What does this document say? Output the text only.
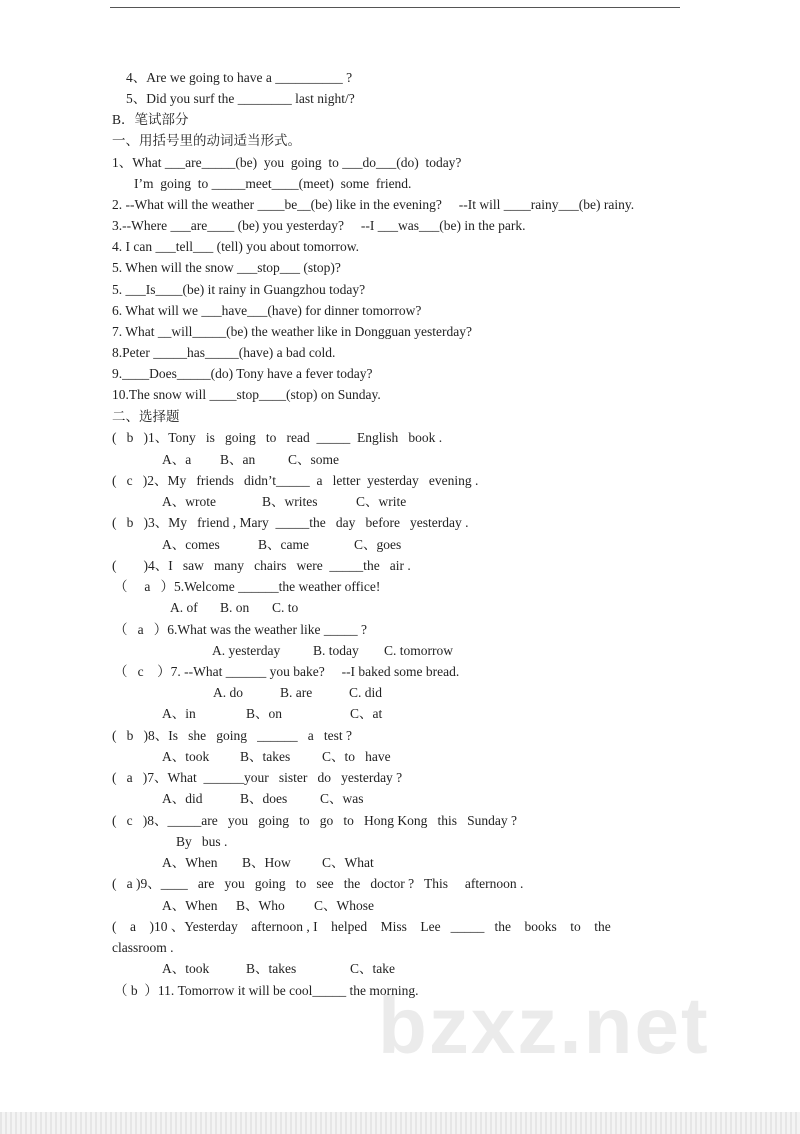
4、Are we going to have a __________ ?
5、Did you surf the ________ last night/?
B．笔试部分
一、用括号里的动词适当形式。
1、What ___are_____(be)  you  going  to ___do___(do)  today?
I’m  going  to _____meet____(meet)  some  friend.
2. --What will the weather ____be__(be) like in the evening?     --It will ____rainy___(be) rainy.
3.--Where ___are____ (be) you yesterday?     --I ___was___(be) in the park.
4. I can ___tell___ (tell) you about tomorrow.
5. When will the snow ___stop___ (stop)?
5. ___Is____(be) it rainy in Guangzhou today?
6. What will we ___have___(have) for dinner tomorrow?
7. What __will_____(be) the weather like in Dongguan yesterday?
8.Peter _____has_____(have) a bad cold.
9.____Does_____(do) Tony have a fever today?
10.The snow will ____stop____(stop) on Sunday.
二、选择题
(   b   )1、Tony   is   going   to   read  _____  English   book .
(   c   )2、My   friends   didn’t_____  a   letter  yesterday   evening .
(   b   )3、My   friend , Mary  _____the   day   before   yesterday .
(        )4、I   saw   many   chairs   were  _____the   air .
（     a   ）5.Welcome ______the weather office!
（   a   ）6.What was the weather like _____ ?
（   c    ）7. --What ______ you bake?     --I baked some bread.
(   b   )8、Is   she   going   ______   a   test ?
(   a   )7、What  ______your   sister   do   yesterday ?
(   c   )8、_____are   you   going   to   go   to   Hong Kong   this   Sunday ?
By   bus .
(   a )9、____   are   you   going   to   see   the   doctor ?   This     afternoon .
(    a    )10 、Yesterday    afternoon , I    helped    Miss    Lee   _____   the    books    to    the
classroom .
（ b  ）11. Tomorrow it will be cool_____ the morning.
A、a B、an C、some
A、wrote	B、writes	C、write
A、comes	B、came	C、goes
A. of B. on C. to
A. yesterday B. today C. tomorrow
A. do	B. are	C. did
A、in	B、on	C、at
A、took B、takes C、to   have
A、did	B、does C、was
A、When B、How C、What
A、When B、Who C、Whose
A、took	B、takes	C、take
bzxz.net
